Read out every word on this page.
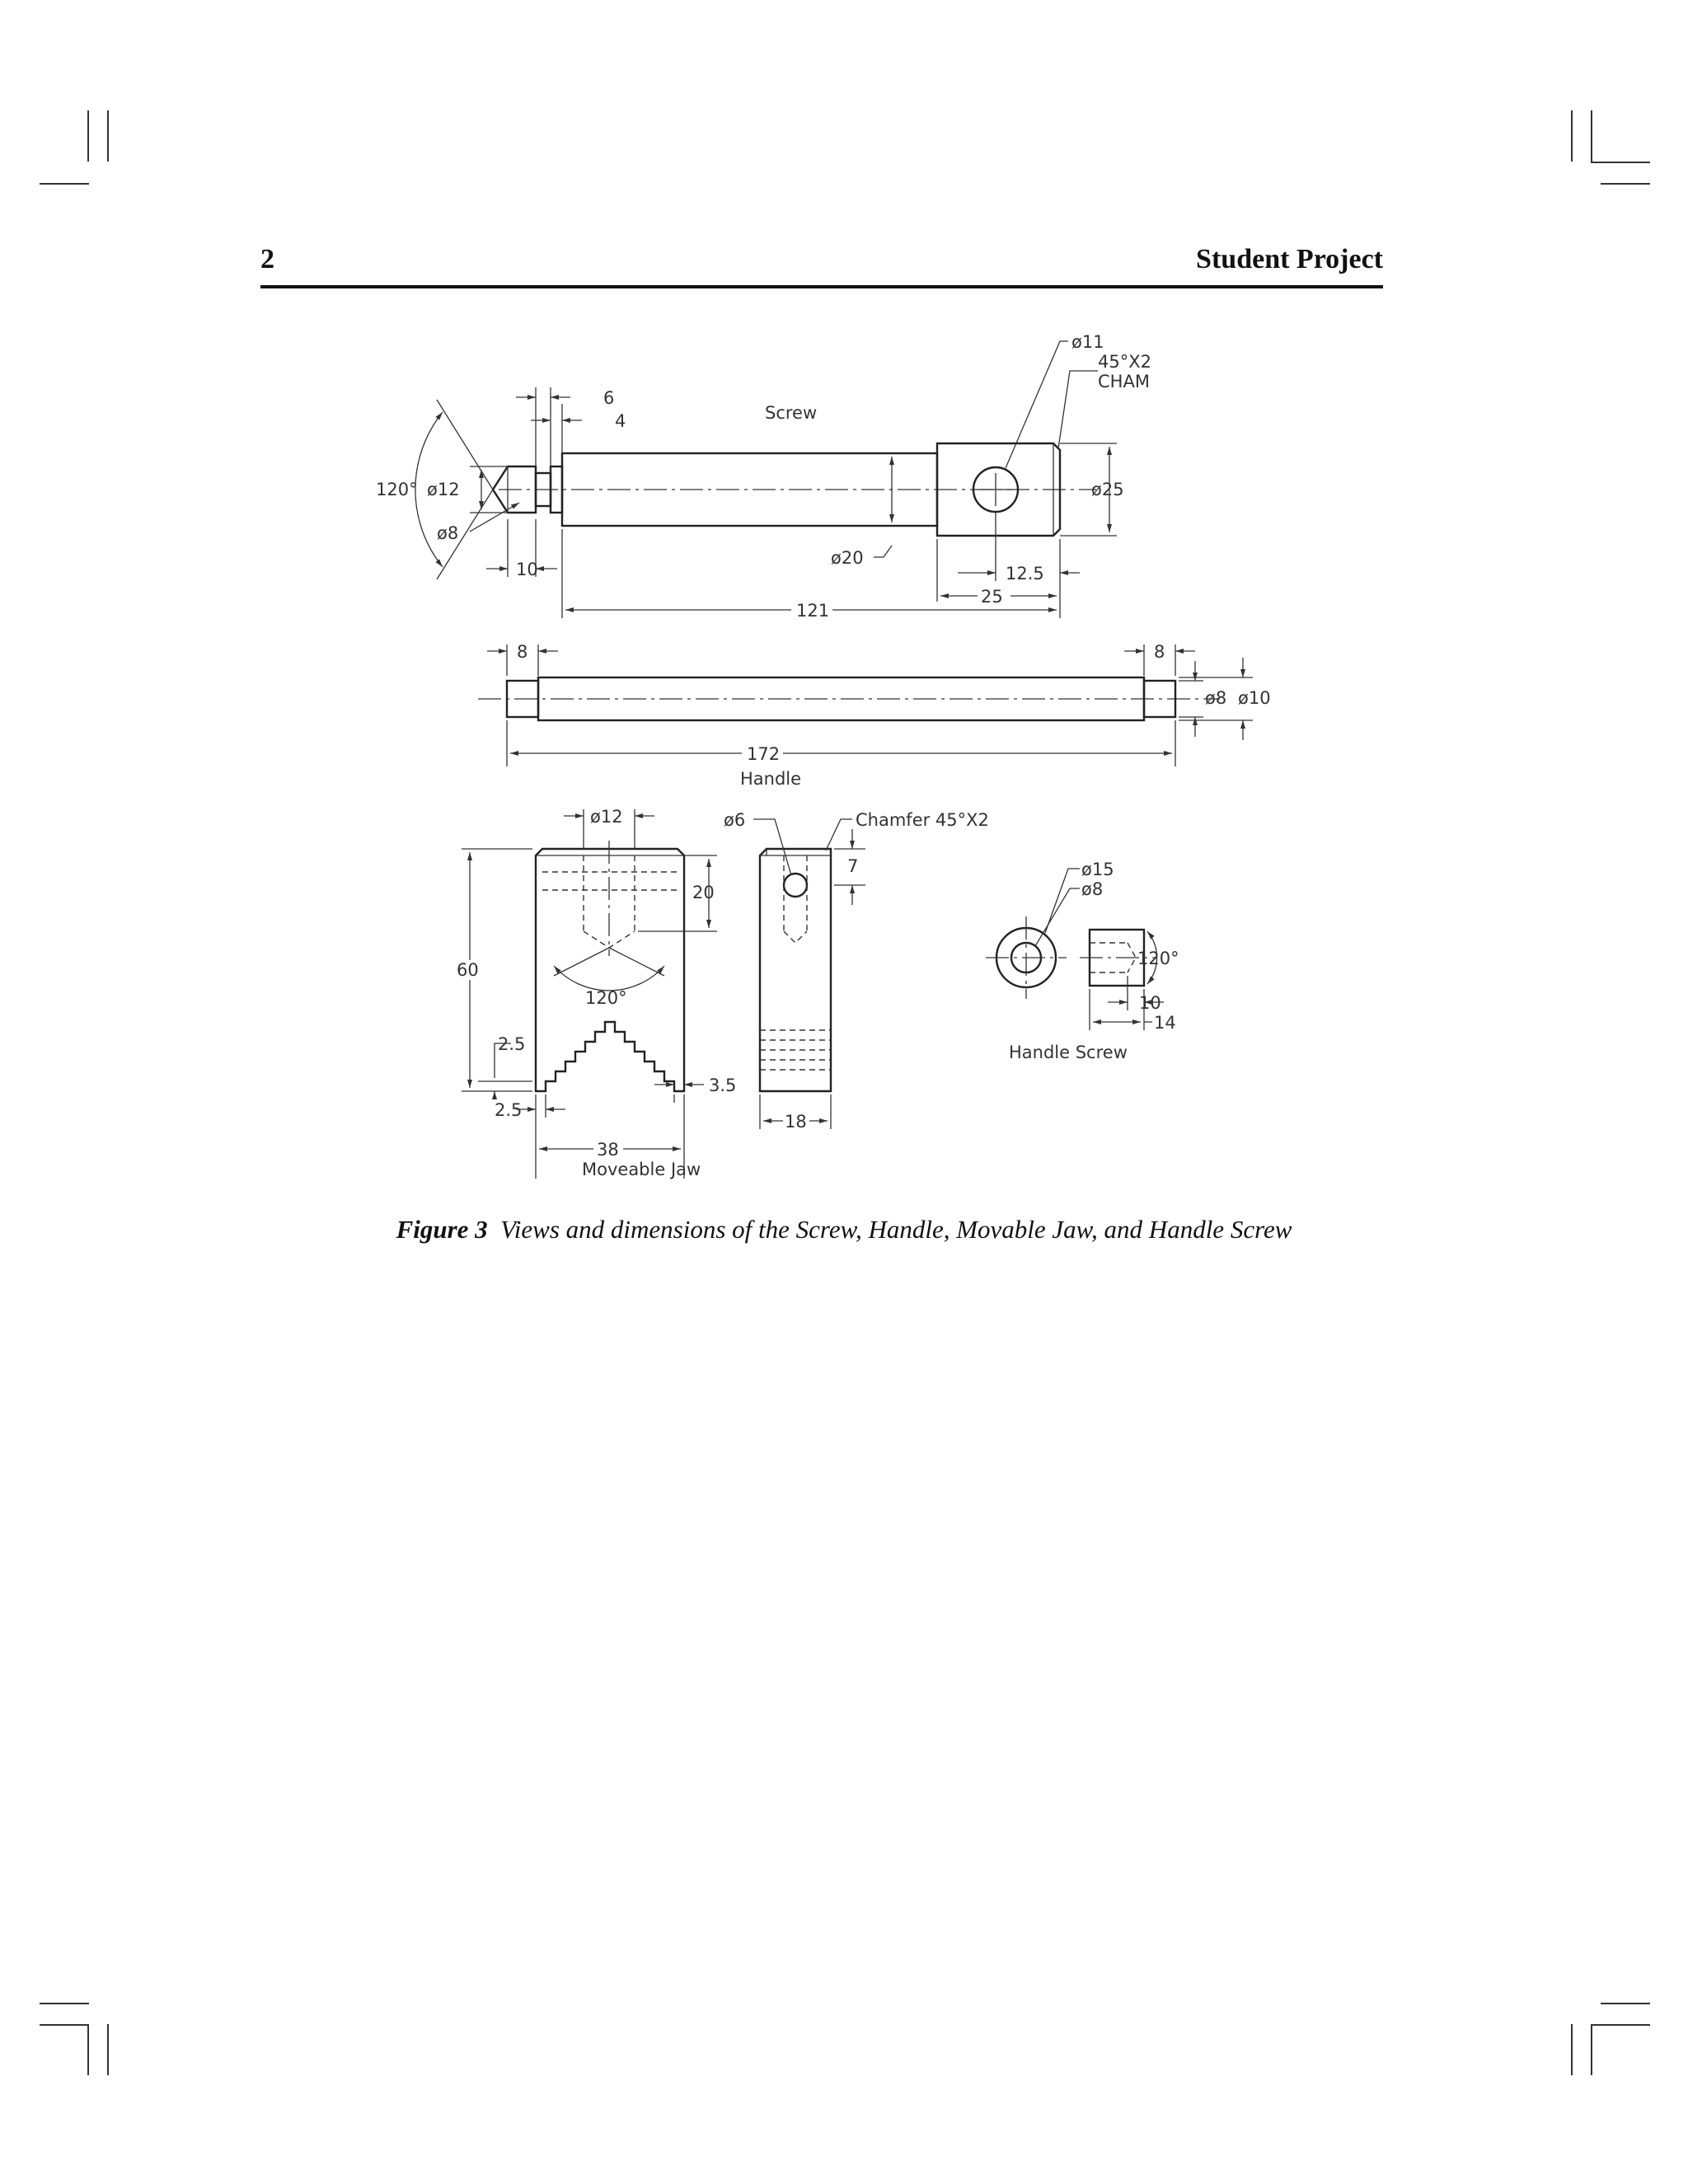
2	Student Project
Screw
120° ø12
ø8
10
6
4
ø20
121
12.5
25
ø25
ø11
45°X2
CHAM
8	8
ø8 ø10
172
Handle
ø12
20
120°
60
2.5
2.5
3.5
38
Moveable Jaw
ø6	Chamfer 45°X2
7
18
ø15
ø8
120°
10
14
Handle Screw
Figure 3 Views and dimensions of the Screw, Handle, Movable Jaw, and Handle Screw
